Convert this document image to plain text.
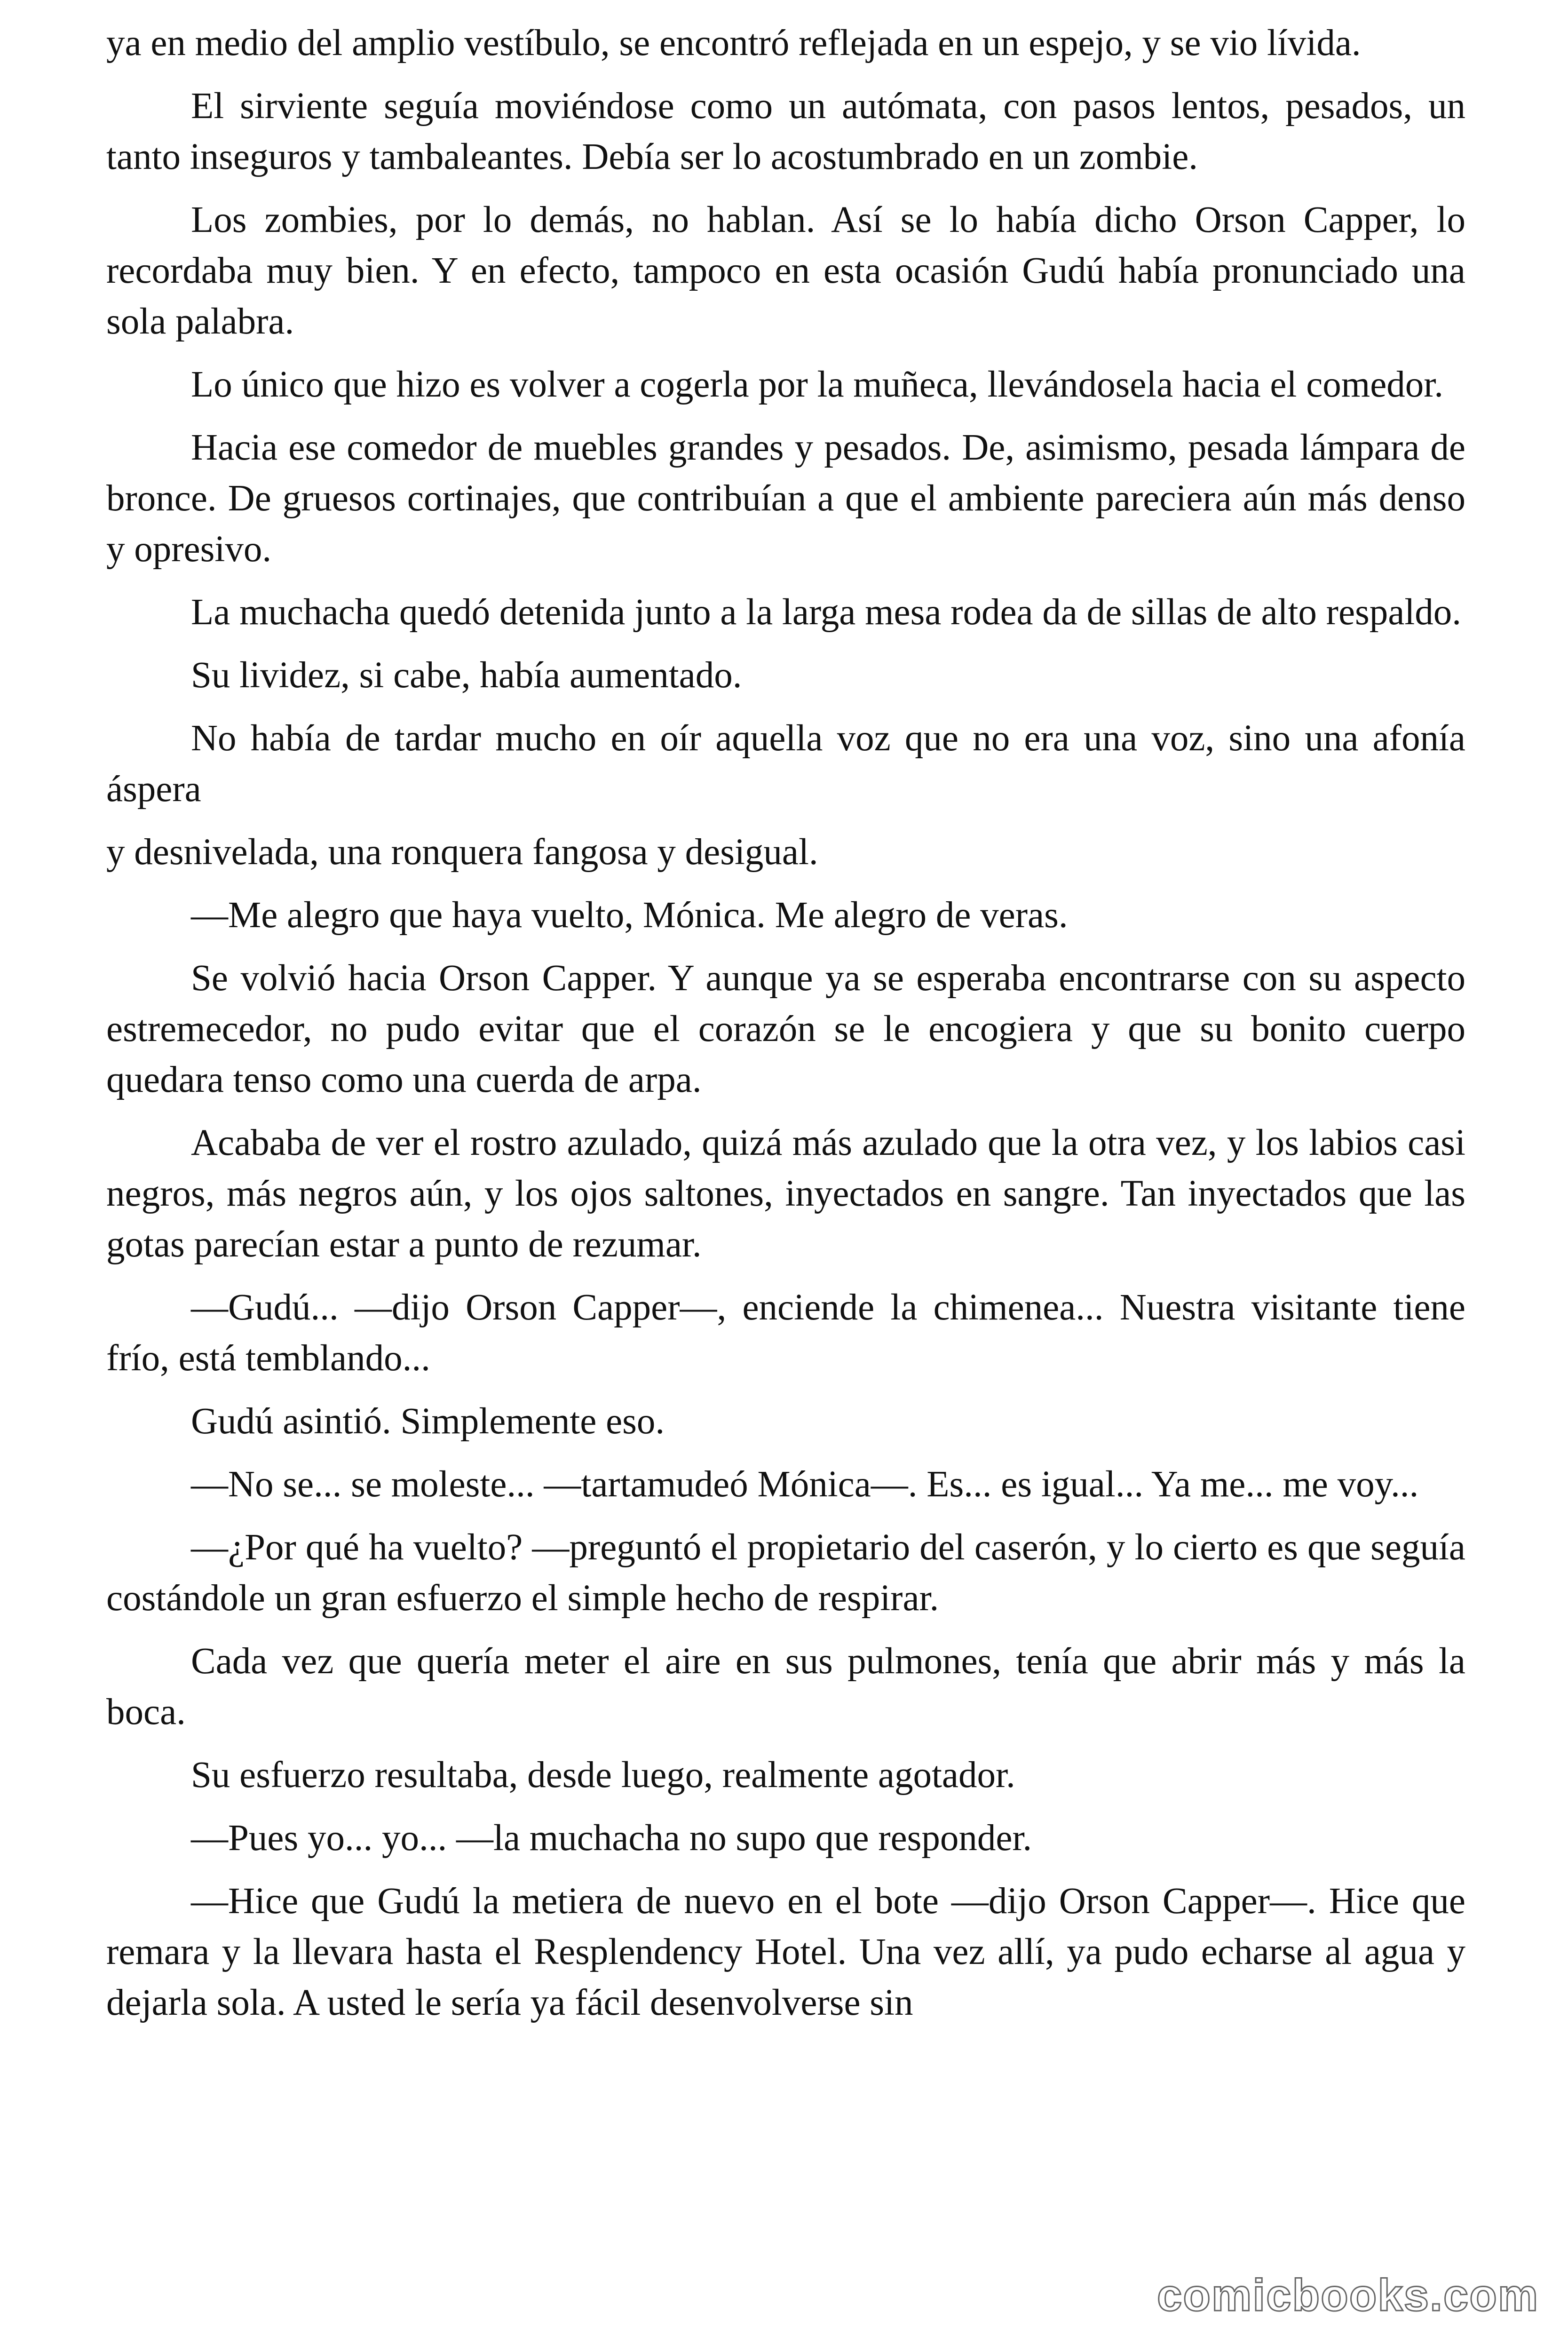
ya en medio del amplio vestíbulo, se encontró reflejada en un espejo, y se vio lívida.

El sirviente seguía moviéndose como un autómata, con pasos lentos, pesados, un tanto inseguros y tambaleantes. Debía ser lo acostumbrado en un zombie.

Los zombies, por lo demás, no hablan. Así se lo había dicho Orson Capper, lo recordaba muy bien. Y en efecto, tampoco en esta ocasión Gudú había pronunciado una sola palabra.

Lo único que hizo es volver a cogerla por la muñeca, llevándosela hacia el comedor.

Hacia ese comedor de muebles grandes y pesados. De, asimismo, pesada lámpara de bronce. De gruesos cortinajes, que contribuían a que el ambiente pareciera aún más denso y opresivo.

La muchacha quedó detenida junto a la larga mesa rodea da de sillas de alto respaldo.

Su lividez, si cabe, había aumentado.

No había de tardar mucho en oír aquella voz que no era una voz, sino una afonía áspera

y desnivelada, una ronquera fangosa y desigual.

—Me alegro que haya vuelto, Mónica. Me alegro de veras.

Se volvió hacia Orson Capper. Y aunque ya se esperaba encontrarse con su aspecto estremecedor, no pudo evitar que el corazón se le encogiera y que su bonito cuerpo quedara tenso como una cuerda de arpa.

Acababa de ver el rostro azulado, quizá más azulado que la otra vez, y los labios casi negros, más negros aún, y los ojos saltones, inyectados en sangre. Tan inyectados que las gotas parecían estar a punto de rezumar.

—Gudú... —dijo Orson Capper—, enciende la chimenea... Nuestra visitante tiene frío, está temblando...

Gudú asintió. Simplemente eso.

—No se... se moleste... —tartamudeó Mónica—. Es... es igual... Ya me... me voy...

—¿Por qué ha vuelto? —preguntó el propietario del caserón, y lo cierto es que seguía costándole un gran esfuerzo el simple hecho de respirar.

Cada vez que quería meter el aire en sus pulmones, tenía que abrir más y más la boca.

Su esfuerzo resultaba, desde luego, realmente agotador.

—Pues yo... yo... —la muchacha no supo que responder.

—Hice que Gudú la metiera de nuevo en el bote —dijo Orson Capper—. Hice que remara y la llevara hasta el Resplendency Hotel. Una vez allí, ya pudo echarse al agua y dejarla sola. A usted le sería ya fácil desenvolverse sin

comicbooks.com
